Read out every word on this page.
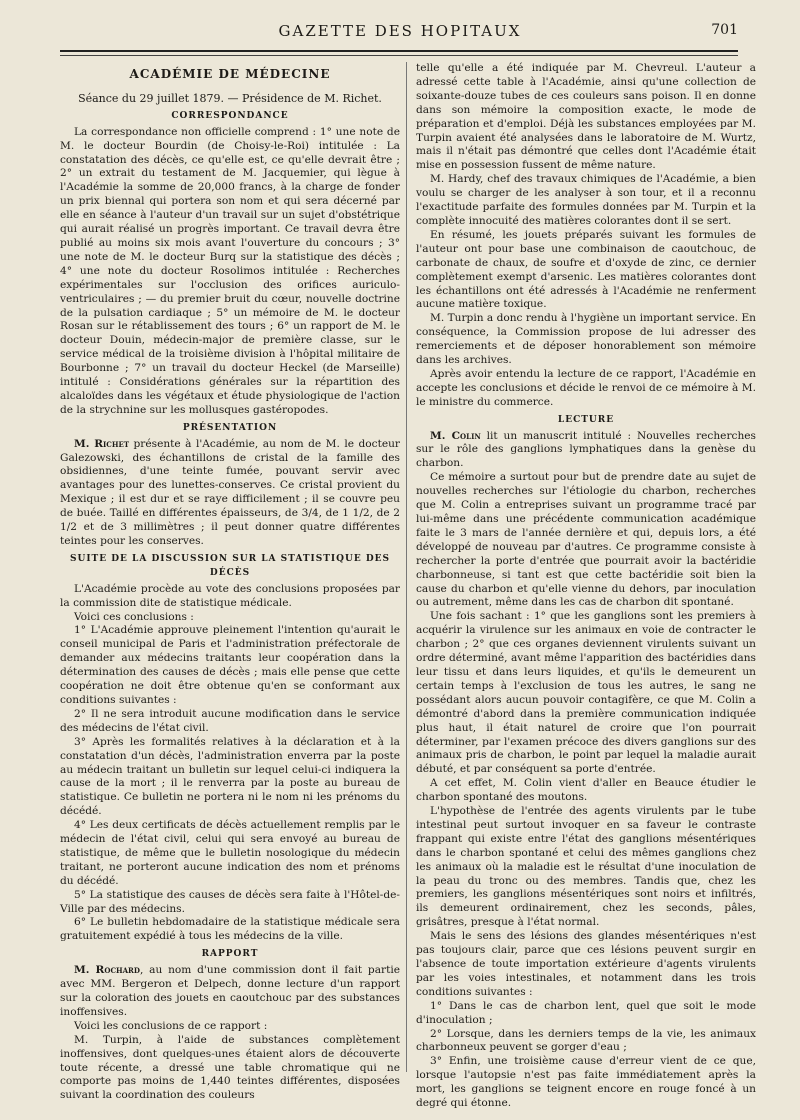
GAZETTE DES HOPITAUX	701
ACADÉMIE DE MÉDECINE
Séance du 29 juillet 1879. — Présidence de M. Richet.
CORRESPONDANCE

La correspondance non officielle comprend : 1° une note de M. le docteur Bourdin (de Choisy-le-Roi) intitulée : La constatation des décès, ce qu'elle est, ce qu'elle devrait être ; 2° un extrait du testament de M. Jacquemier, qui lègue à l'Académie la somme de 20,000 francs, à la charge de fonder un prix biennal qui portera son nom et qui sera décerné par elle en séance à l'auteur d'un travail sur un sujet d'obstétrique qui aurait réalisé un progrès important. Ce travail devra être publié au moins six mois avant l'ouverture du concours ; 3° une note de M. le docteur Burq sur la statistique des décès ; 4° une note du docteur Rosolimos intitulée : Recherches expérimentales sur l'occlusion des orifices auriculo-ventriculaires ; — du premier bruit du cœur, nouvelle doctrine de la pulsation cardiaque ; 5° un mémoire de M. le docteur Rosan sur le rétablissement des tours ; 6° un rapport de M. le docteur Douin, médecin-major de première classe, sur le service médical de la troisième division à l'hôpital militaire de Bourbonne ; 7° un travail du docteur Heckel (de Marseille) intitulé : Considérations générales sur la répartition des alcaloïdes dans les végétaux et étude physiologique de l'action de la strychnine sur les mollusques gastéropodes.

PRÉSENTATION

M. Richet présente à l'Académie, au nom de M. le docteur Galezowski, des échantillons de cristal de la famille des obsidiennes, d'une teinte fumée, pouvant servir avec avantages pour des lunettes-conserves. Ce cristal provient du Mexique ; il est dur et se raye difficilement ; il se couvre peu de buée. Taillé en différentes épaisseurs, de 3/4, de 1 1/2, de 2 1/2 et de 3 millimètres ; il peut donner quatre différentes teintes pour les conserves.

SUITE DE LA DISCUSSION SUR LA STATISTIQUE DES DÉCÈS

L'Académie procède au vote des conclusions proposées par la commission dite de statistique médicale.

Voici ces conclusions :

1° L'Académie approuve pleinement l'intention qu'aurait le conseil municipal de Paris et l'administration préfectorale de demander aux médecins traitants leur coopération dans la détermination des causes de décès ; mais elle pense que cette coopération ne doit être obtenue qu'en se conformant aux conditions suivantes :

2° Il ne sera introduit aucune modification dans le service des médecins de l'état civil.

3° Après les formalités relatives à la déclaration et à la constatation d'un décès, l'administration enverra par la poste au médecin traitant un bulletin sur lequel celui-ci indiquera la cause de la mort ; il le renverra par la poste au bureau de statistique. Ce bulletin ne portera ni le nom ni les prénoms du décédé.

4° Les deux certificats de décès actuellement remplis par le médecin de l'état civil, celui qui sera envoyé au bureau de statistique, de même que le bulletin nosologique du médecin traitant, ne porteront aucune indication des nom et prénoms du décédé.

5° La statistique des causes de décès sera faite à l'Hôtel-de-Ville par des médecins.

6° Le bulletin hebdomadaire de la statistique médicale sera gratuitement expédié à tous les médecins de la ville.

RAPPORT

M. Rochard, au nom d'une commission dont il fait partie avec MM. Bergeron et Delpech, donne lecture d'un rapport sur la coloration des jouets en caoutchouc par des substances inoffensives.

Voici les conclusions de ce rapport :

M. Turpin, à l'aide de substances complètement inoffensives, dont quelques-unes étaient alors de découverte toute récente, a dressé une table chromatique qui ne comporte pas moins de 1,440 teintes différentes, disposées suivant la coordination des couleurs

telle qu'elle a été indiquée par M. Chevreul. L'auteur a adressé cette table à l'Académie, ainsi qu'une collection de soixante-douze tubes de ces couleurs sans poison. Il en donne dans son mémoire la composition exacte, le mode de préparation et d'emploi. Déjà les substances employées par M. Turpin avaient été analysées dans le laboratoire de M. Wurtz, mais il n'était pas démontré que celles dont l'Académie était mise en possession fussent de même nature.

M. Hardy, chef des travaux chimiques de l'Académie, a bien voulu se charger de les analyser à son tour, et il a reconnu l'exactitude parfaite des formules données par M. Turpin et la complète innocuité des matières colorantes dont il se sert.

En résumé, les jouets préparés suivant les formules de l'auteur ont pour base une combinaison de caoutchouc, de carbonate de chaux, de soufre et d'oxyde de zinc, ce dernier complètement exempt d'arsenic. Les matières colorantes dont les échantillons ont été adressés à l'Académie ne renferment aucune matière toxique.

M. Turpin a donc rendu à l'hygiène un important service. En conséquence, la Commission propose de lui adresser des remerciements et de déposer honorablement son mémoire dans les archives.

Après avoir entendu la lecture de ce rapport, l'Académie en accepte les conclusions et décide le renvoi de ce mémoire à M. le ministre du commerce.

LECTURE

M. Colin lit un manuscrit intitulé : Nouvelles recherches sur le rôle des ganglions lymphatiques dans la genèse du charbon.

Ce mémoire a surtout pour but de prendre date au sujet de nouvelles recherches sur l'étiologie du charbon, recherches que M. Colin a entreprises suivant un programme tracé par lui-même dans une précédente communication académique faite le 3 mars de l'année dernière et qui, depuis lors, a été développé de nouveau par d'autres. Ce programme consiste à rechercher la porte d'entrée que pourrait avoir la bactéridie charbonneuse, si tant est que cette bactéridie soit bien la cause du charbon et qu'elle vienne du dehors, par inoculation ou autrement, même dans les cas de charbon dit spontané.

Une fois sachant : 1° que les ganglions sont les premiers à acquérir la virulence sur les animaux en voie de contracter le charbon ; 2° que ces organes deviennent virulents suivant un ordre déterminé, avant même l'apparition des bactéridies dans leur tissu et dans leurs liquides, et qu'ils le demeurent un certain temps à l'exclusion de tous les autres, le sang ne possédant alors aucun pouvoir contagifère, ce que M. Colin a démontré d'abord dans la première communication indiquée plus haut, il était naturel de croire que l'on pourrait déterminer, par l'examen précoce des divers ganglions sur des animaux pris de charbon, le point par lequel la maladie aurait débuté, et par conséquent sa porte d'entrée.

A cet effet, M. Colin vient d'aller en Beauce étudier le charbon spontané des moutons.

L'hypothèse de l'entrée des agents virulents par le tube intestinal peut surtout invoquer en sa faveur le contraste frappant qui existe entre l'état des ganglions mésentériques dans le charbon spontané et celui des mêmes ganglions chez les animaux où la maladie est le résultat d'une inoculation de la peau du tronc ou des membres. Tandis que, chez les premiers, les ganglions mésentériques sont noirs et infiltrés, ils demeurent ordinairement, chez les seconds, pâles, grisâtres, presque à l'état normal.

Mais le sens des lésions des glandes mésentériques n'est pas toujours clair, parce que ces lésions peuvent surgir en l'absence de toute importation extérieure d'agents virulents par les voies intestinales, et notamment dans les trois conditions suivantes :

1° Dans le cas de charbon lent, quel que soit le mode d'inoculation ;

2° Lorsque, dans les derniers temps de la vie, les animaux charbonneux peuvent se gorger d'eau ;

3° Enfin, une troisième cause d'erreur vient de ce que, lorsque l'autopsie n'est pas faite immédiatement après la mort, les ganglions se teignent encore en rouge foncé à un degré qui étonne.
